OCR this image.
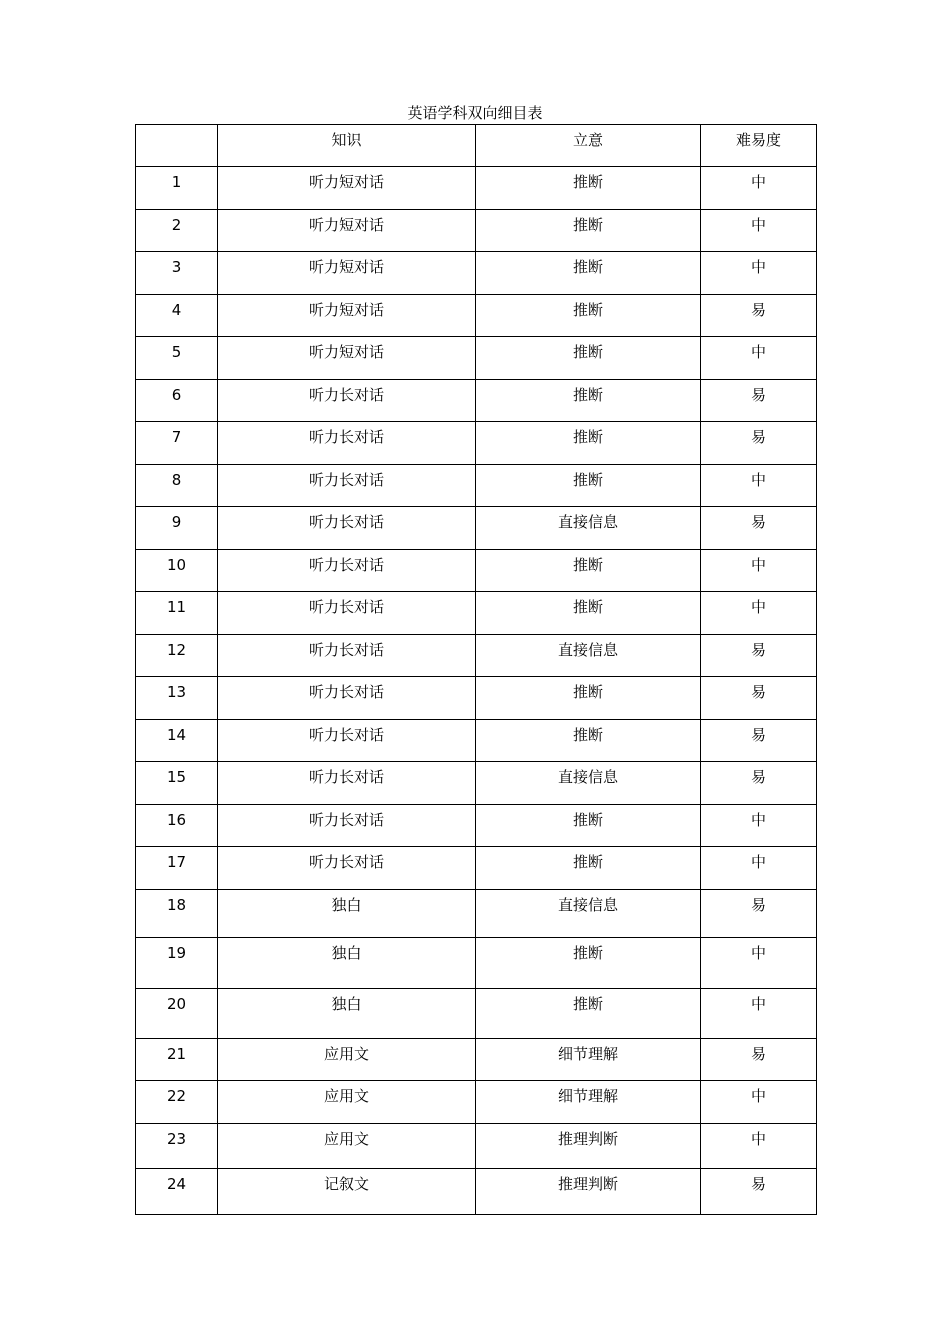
英语学科双向细目表
	知识	立意	难易度
1	听力短对话	推断	中
2	听力短对话	推断	中
3	听力短对话	推断	中
4	听力短对话	推断	易
5	听力短对话	推断	中
6	听力长对话	推断	易
7	听力长对话	推断	易
8	听力长对话	推断	中
9	听力长对话	直接信息	易
10	听力长对话	推断	中
11	听力长对话	推断	中
12	听力长对话	直接信息	易
13	听力长对话	推断	易
14	听力长对话	推断	易
15	听力长对话	直接信息	易
16	听力长对话	推断	中
17	听力长对话	推断	中
18	独白	直接信息	易
19	独白	推断	中
20	独白	推断	中
21	应用文	细节理解	易
22	应用文	细节理解	中
23	应用文	推理判断	中
24	记叙文	推理判断	易
